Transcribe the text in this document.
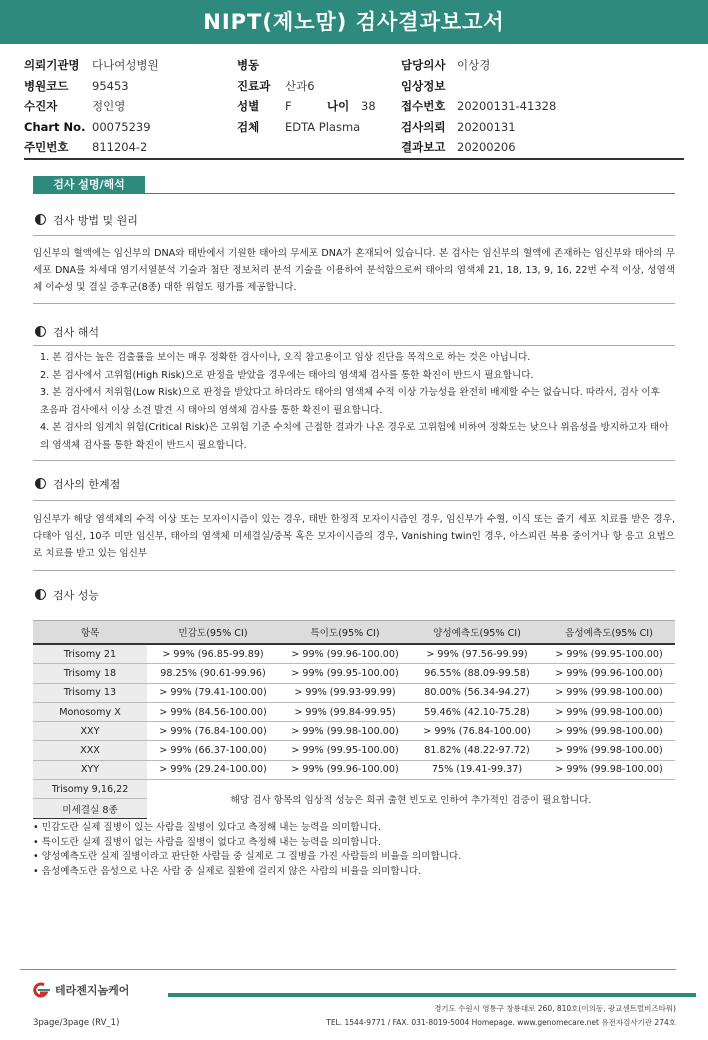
NIPT(제노맘) 검사결과보고서
의뢰기관명 다나여성병원
병원코드 95453
수진자	정인영
Chart No. 00075239
주민번호 811204-2
병동
진료과 산과6
성별 F	나이 38
검체 EDTA Plasma
담당의사 이상경
임상정보
접수번호 20200131-41328
검사의뢰 20200131
결과보고 20200206
검사 설명/해석
검사 방법 및 원리
임신부의 혈액에는 임신부의 DNA와 태반에서 기원한 태아의 무세포 DNA가 혼재되어 있습니다. 본 검사는 임신부의 혈액에 존재하는 임신부와 태아의 무세포 DNA를 차세대 염기서열분석 기술과 첨단 정보처리 분석 기술을 이용하여 분석함으로써 태아의 염색체 21, 18, 13, 9, 16, 22번 수적 이상, 성염색체 이수성 및 결실 증후군(8종) 대한 위험도 평가를 제공합니다.
검사 해석
1. 본 검사는 높은 검출률을 보이는 매우 정확한 검사이나, 오직 참고용이고 임상 진단을 목적으로 하는 것은 아닙니다.
2. 본 검사에서 고위험(High Risk)으로 판정을 받았을 경우에는 태아의 염색체 검사를 통한 확진이 반드시 필요합니다.
3. 본 검사에서 저위험(Low Risk)으로 판정을 받았다고 하더라도 태아의 염색체 수적 이상 가능성을 완전히 배제할 수는 없습니다. 따라서, 검사 이후 초음파 검사에서 이상 소견 발견 시 태아의 염색체 검사를 통한 확진이 필요합니다.
4. 본 검사의 임계치 위험(Critical Risk)은 고위험 기준 수치에 근접한 결과가 나온 경우로 고위험에 비하여 정확도는 낮으나 위음성을 방지하고자 태아의 염색체 검사를 통한 확진이 반드시 필요합니다.
검사의 한계점
임신부가 해당 염색체의 수적 이상 또는 모자이시즘이 있는 경우, 태반 한정적 모자이시즘인 경우, 임신부가 수혈, 이식 또는 줄기 세포 치료를 받은 경우, 다태아 임신, 10주 미만 임신부, 태아의 염색체 미세결실/중복 혹은 모자이시즘의 경우, Vanishing twin인 경우, 아스피린 복용 중이거나 항 응고 요법으로 치료를 받고 있는 임신부
검사 성능
항목	민감도(95% CI)	특이도(95% CI)	양성예측도(95% CI)	음성예측도(95% CI)
Trisomy 21	> 99% (96.85-99.89)	> 99% (99.96-100.00)	> 99% (97.56-99.99)	> 99% (99.95-100.00)
Trisomy 18	98.25% (90.61-99.96)	> 99% (99.95-100.00)	96.55% (88.09-99.58)	> 99% (99.96-100.00)
Trisomy 13	> 99% (79.41-100.00)	> 99% (99.93-99.99)	80.00% (56.34-94.27)	> 99% (99.98-100.00)
Monosomy X	> 99% (84.56-100.00)	> 99% (99.84-99.95)	59.46% (42.10-75.28)	> 99% (99.98-100.00)
XXY	> 99% (76.84-100.00)	> 99% (99.98-100.00)	> 99% (76.84-100.00)	> 99% (99.98-100.00)
XXX	> 99% (66.37-100.00)	> 99% (99.95-100.00)	81.82% (48.22-97.72)	> 99% (99.98-100.00)
XYY	> 99% (29.24-100.00)	> 99% (99.96-100.00)	75% (19.41-99.37)	> 99% (99.98-100.00)
Trisomy 9,16,22	해당 검사 항목의 임상적 성능은 희귀 출현 빈도로 인하여 추가적인 검증이 필요합니다.			
미세결실 8종				
• 민감도란 실제 질병이 있는 사람을 질병이 있다고 측정해 내는 능력을 의미합니다.
• 특이도란 실제 질병이 없는 사람을 질병이 없다고 측정해 내는 능력을 의미합니다.
• 양성예측도란 실제 질병이라고 판단한 사람들 중 실제로 그 질병을 가진 사람들의 비율을 의미합니다.
• 음성예측도란 음성으로 나온 사람 중 실제로 질환에 걸리지 않은 사람의 비율을 의미합니다.
테라젠지놈케어
경기도 수원시 영통구 창룡대로 260, 810호(이의동, 광교센트럴비즈타워)
TEL. 1544-9771 / FAX. 031-8019-5004 Homepage. www.genomecare.net 유전자검사기관 274호
3page/3page (RV_1)
